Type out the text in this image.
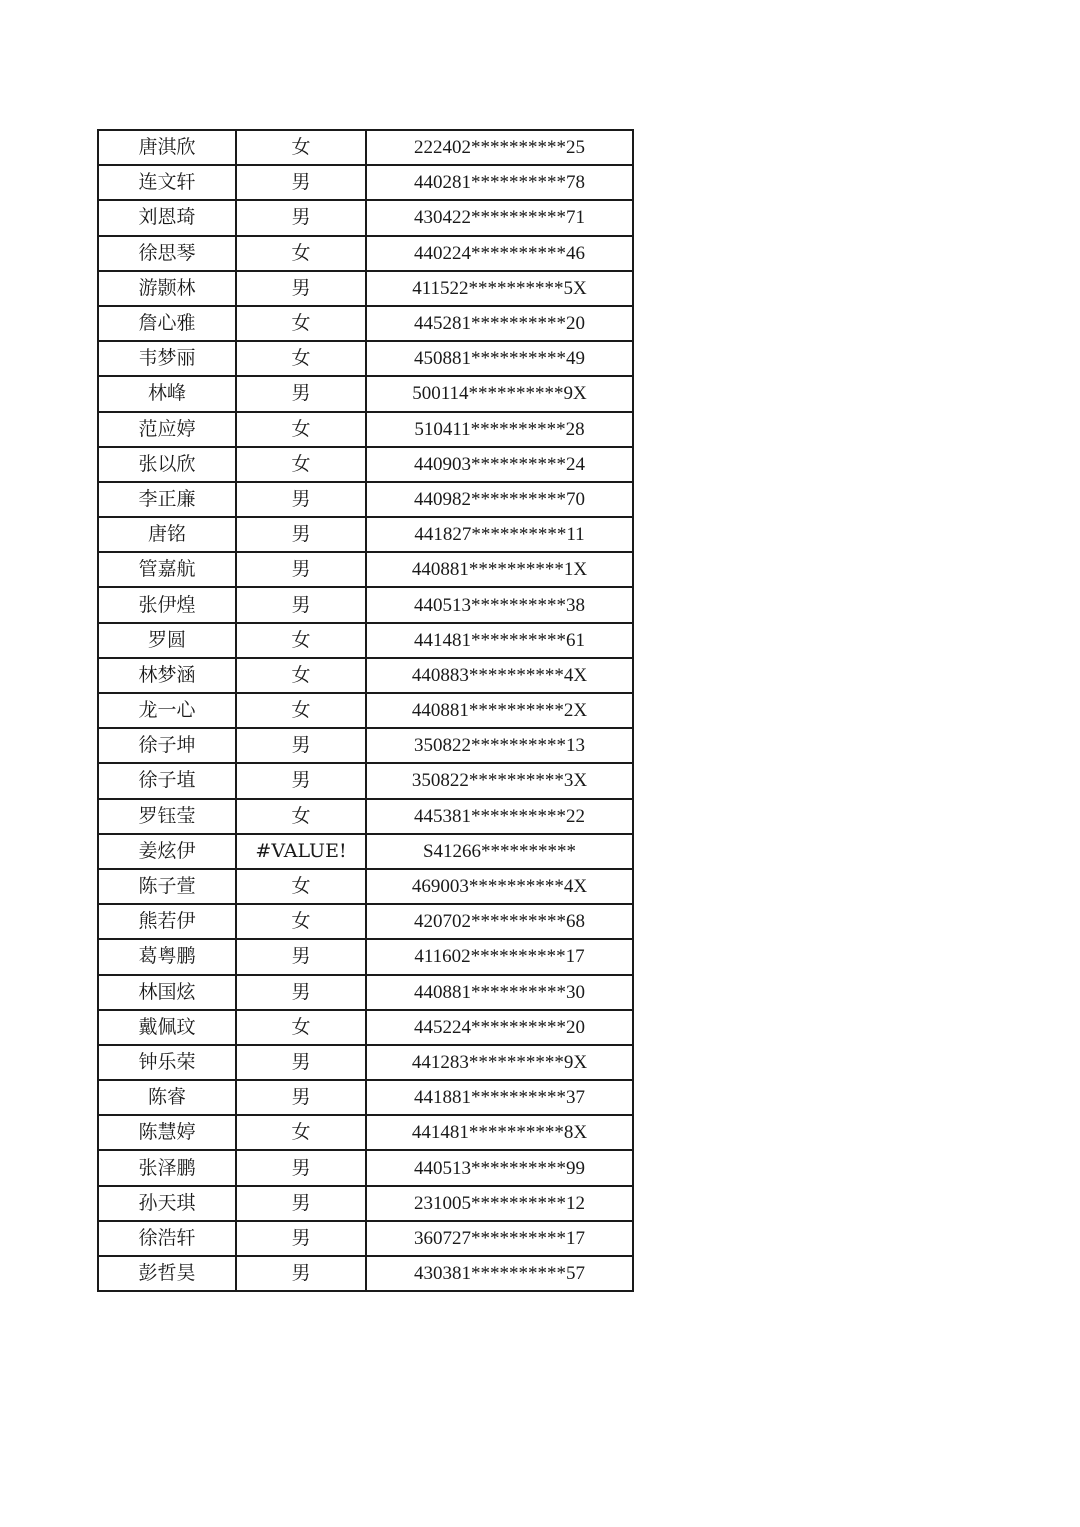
唐淇欣	女	222402**********25
连文轩	男	440281**********78
刘恩琦	男	430422**********71
徐思琴	女	440224**********46
游颢林	男	411522**********5X
詹心雅	女	445281**********20
韦梦丽	女	450881**********49
林峰	男	500114**********9X
范应婷	女	510411**********28
张以欣	女	440903**********24
李正廉	男	440982**********70
唐铭	男	441827**********11
管嘉航	男	440881**********1X
张伊煌	男	440513**********38
罗圆	女	441481**********61
林梦涵	女	440883**********4X
龙一心	女	440881**********2X
徐子坤	男	350822**********13
徐子埴	男	350822**********3X
罗钰莹	女	445381**********22
姜炫伊	#VALUE!	S41266**********
陈子萱	女	469003**********4X
熊若伊	女	420702**********68
葛粤鹏	男	411602**********17
林国炫	男	440881**********30
戴佩玟	女	445224**********20
钟乐荣	男	441283**********9X
陈睿	男	441881**********37
陈慧婷	女	441481**********8X
张泽鹏	男	440513**********99
孙天琪	男	231005**********12
徐浩轩	男	360727**********17
彭哲昊	男	430381**********57
